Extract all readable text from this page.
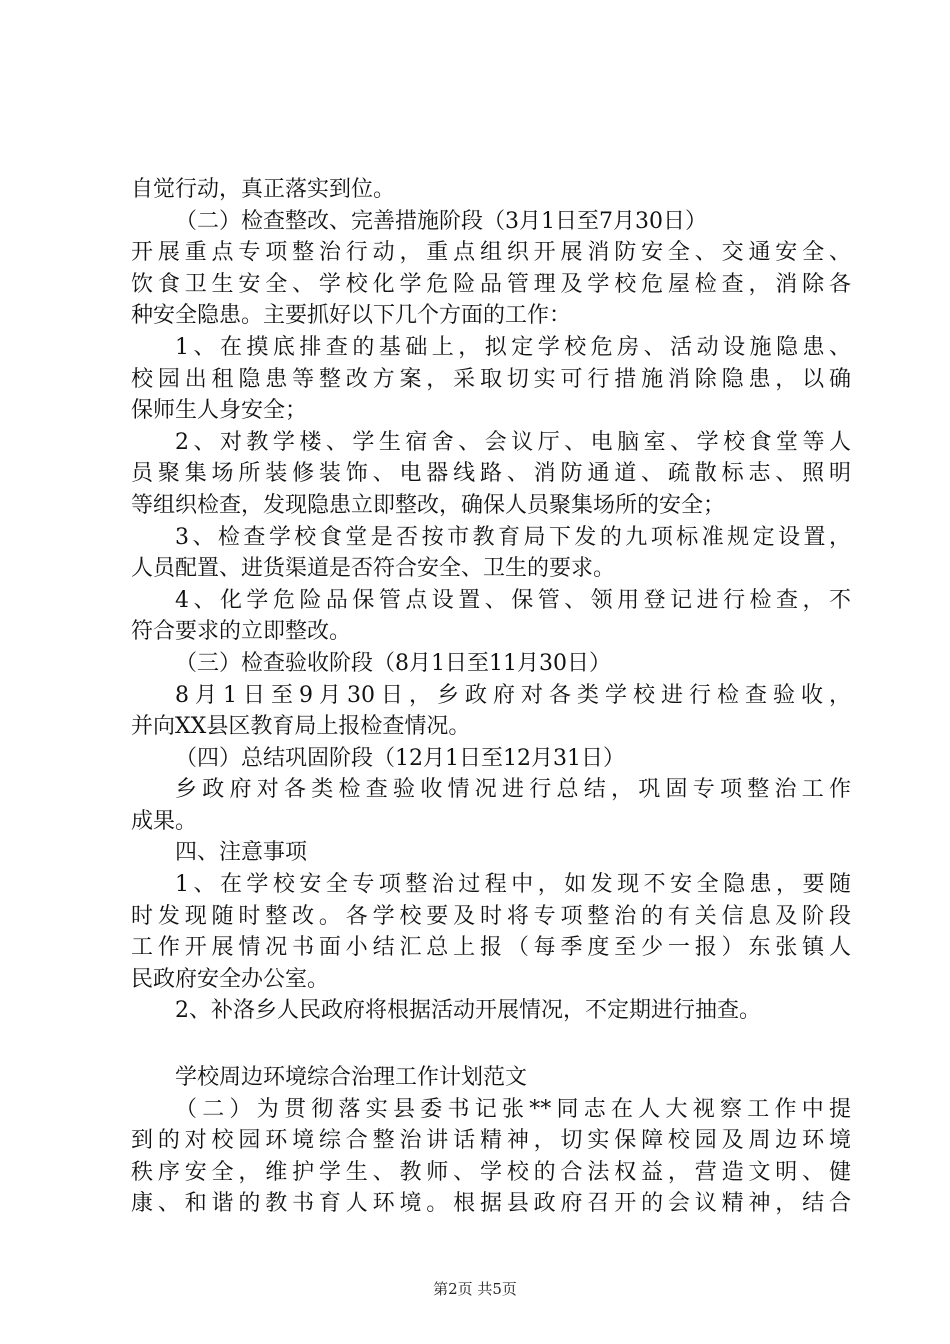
自觉行动，真正落实到位。
（二）检查整改、完善措施阶段（3月1日至7月30日）
开展重点专项整治行动，重点组织开展消防安全、交通安全、
饮食卫生安全、学校化学危险品管理及学校危屋检查，消除各
种安全隐患。主要抓好以下几个方面的工作：
1、在摸底排查的基础上，拟定学校危房、活动设施隐患、
校园出租隐患等整改方案，采取切实可行措施消除隐患，以确
保师生人身安全；
2、对教学楼、学生宿舍、会议厅、电脑室、学校食堂等人
员聚集场所装修装饰、电器线路、消防通道、疏散标志、照明
等组织检查，发现隐患立即整改，确保人员聚集场所的安全；
3、检查学校食堂是否按市教育局下发的九项标准规定设置，
人员配置、进货渠道是否符合安全、卫生的要求。
4、化学危险品保管点设置、保管、领用登记进行检查，不
符合要求的立即整改。
（三）检查验收阶段（8月1日至11月30日）
8月1日至9月30日，乡政府对各类学校进行检查验收，
并向XX县区教育局上报检查情况。
（四）总结巩固阶段（12月1日至12月31日）
乡政府对各类检查验收情况进行总结，巩固专项整治工作
成果。
四、注意事项
1、在学校安全专项整治过程中，如发现不安全隐患，要随
时发现随时整改。各学校要及时将专项整治的有关信息及阶段
工作开展情况书面小结汇总上报（每季度至少一报）东张镇人
民政府安全办公室。
2、补洛乡人民政府将根据活动开展情况，不定期进行抽查。
学校周边环境综合治理工作计划范文
（二）为贯彻落实县委书记张**同志在人大视察工作中提
到的对校园环境综合整治讲话精神，切实保障校园及周边环境
秩序安全，维护学生、教师、学校的合法权益，营造文明、健
康、和谐的教书育人环境。根据县政府召开的会议精神，结合
第2页 共5页
